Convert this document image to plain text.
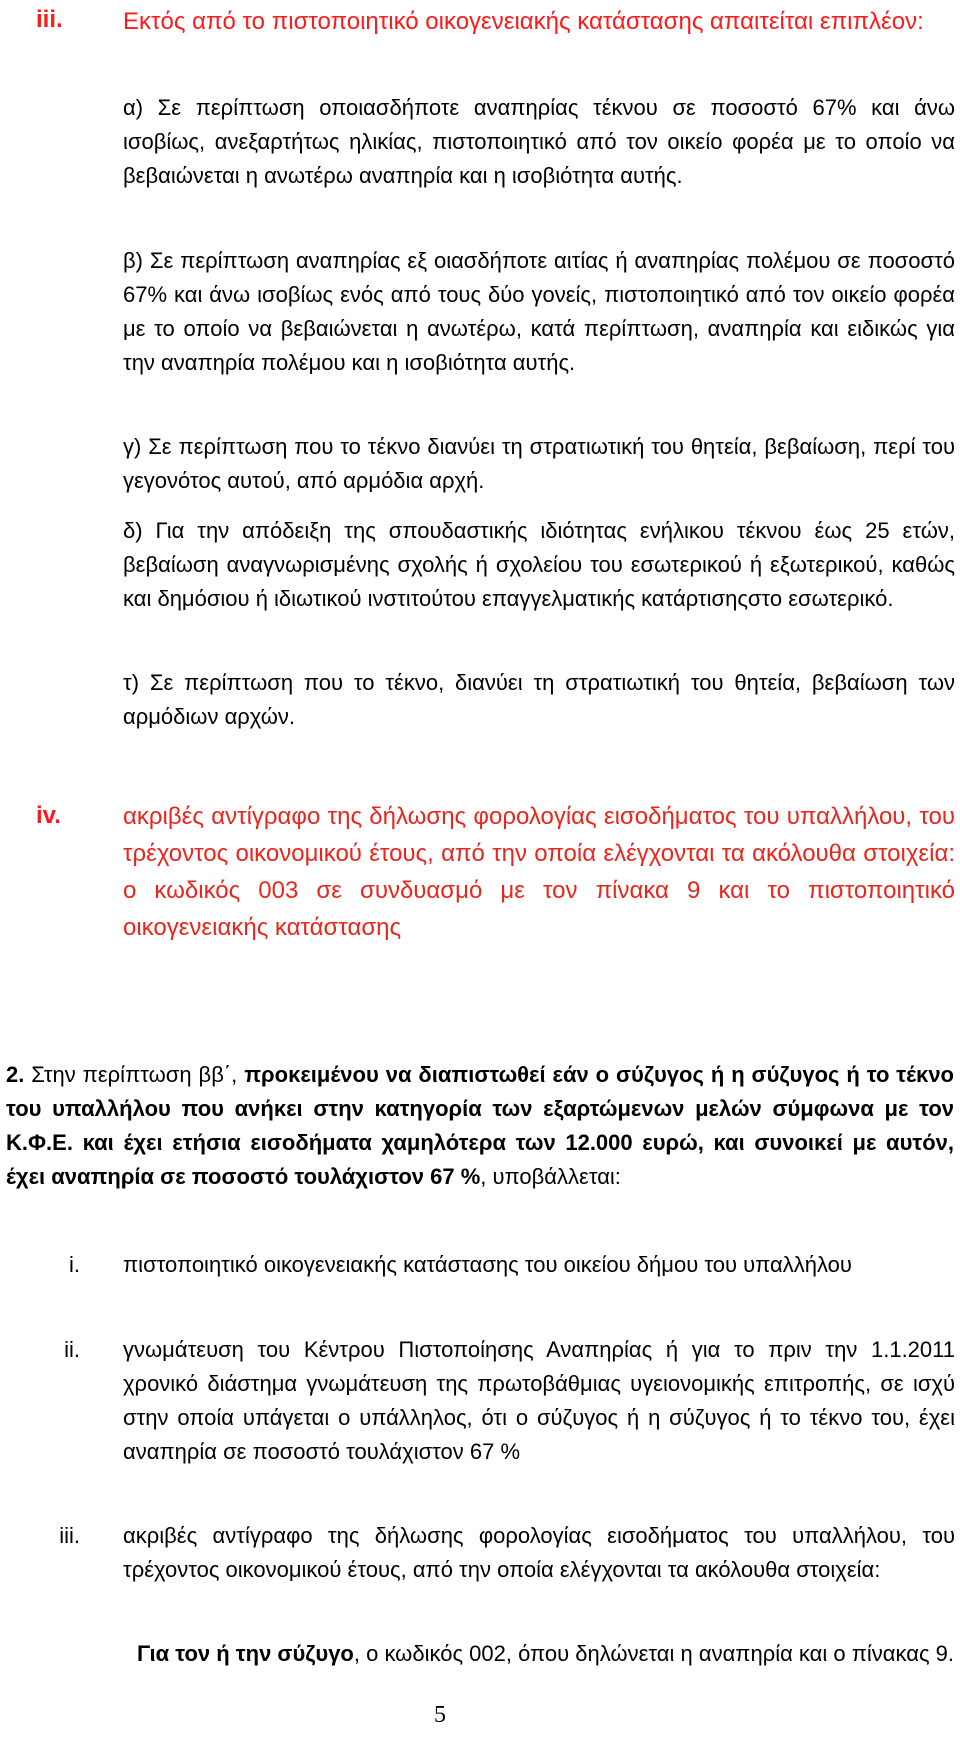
iii.	Εκτός από το πιστοποιητικό οικογενειακής κατάστασης απαιτείται επιπλέον:
α) Σε περίπτωση οποιασδήποτε αναπηρίας τέκνου σε ποσοστό 67% και άνω ισοβίως, ανεξαρτήτως ηλικίας, πιστοποιητικό από τον οικείο φορέα με το οποίο να βεβαιώνεται η ανωτέρω αναπηρία και η ισοβιότητα αυτής.
β) Σε περίπτωση αναπηρίας εξ οιασδήποτε αιτίας ή αναπηρίας πολέμου σε ποσοστό 67% και άνω ισοβίως ενός από τους δύο γονείς, πιστοποιητικό από τον οικείο φορέα με το οποίο να βεβαιώνεται η ανωτέρω, κατά περίπτωση, αναπηρία και ειδικώς για την αναπηρία πολέμου και η ισοβιότητα αυτής.
γ) Σε περίπτωση που το τέκνο διανύει τη στρατιωτική του θητεία, βεβαίωση, περί του γεγονότος αυτού, από αρμόδια αρχή.
δ) Για την απόδειξη της σπουδαστικής ιδιότητας ενήλικου τέκνου έως 25 ετών, βεβαίωση αναγνωρισμένης σχολής ή σχολείου του εσωτερικού ή εξωτερικού, καθώς και δημόσιου ή ιδιωτικού ινστιτούτου επαγγελματικής κατάρτισηςστο εσωτερικό.
τ) Σε περίπτωση που το τέκνο, διανύει τη στρατιωτική του θητεία, βεβαίωση των αρμόδιων αρχών.
iv.	ακριβές αντίγραφο της δήλωσης φορολογίας εισοδήματος του υπαλλήλου, του τρέχοντος οικονομικού έτους, από την οποία ελέγχονται τα ακόλουθα στοιχεία: ο κωδικός 003 σε συνδυασμό με τον πίνακα 9 και το πιστοποιητικό οικογενειακής κατάστασης
2. Στην περίπτωση ββ΄, προκειμένου να διαπιστωθεί εάν ο σύζυγος ή η σύζυγος ή το τέκνο του υπαλλήλου που ανήκει στην κατηγορία των εξαρτώμενων μελών σύμφωνα με τον Κ.Φ.Ε. και έχει ετήσια εισοδήματα χαμηλότερα των 12.000 ευρώ, και συνοικεί με αυτόν, έχει αναπηρία σε ποσοστό τουλάχιστον 67 %, υποβάλλεται:
i. πιστοποιητικό οικογενειακής κατάστασης του οικείου δήμου του υπαλλήλου
ii. γνωμάτευση του Κέντρου Πιστοποίησης Αναπηρίας ή για το πριν την 1.1.2011 χρονικό διάστημα γνωμάτευση της πρωτοβάθμιας υγειονομικής επιτροπής, σε ισχύ στην οποία υπάγεται ο υπάλληλος, ότι ο σύζυγος ή η σύζυγος ή το τέκνο του, έχει αναπηρία σε ποσοστό τουλάχιστον 67 %
iii. ακριβές αντίγραφο της δήλωσης φορολογίας εισοδήματος του υπαλλήλου, του τρέχοντος οικονομικού έτους, από την οποία ελέγχονται τα ακόλουθα στοιχεία:
Για τον ή την σύζυγο, ο κωδικός 002, όπου δηλώνεται η αναπηρία και ο πίνακας 9.
5
